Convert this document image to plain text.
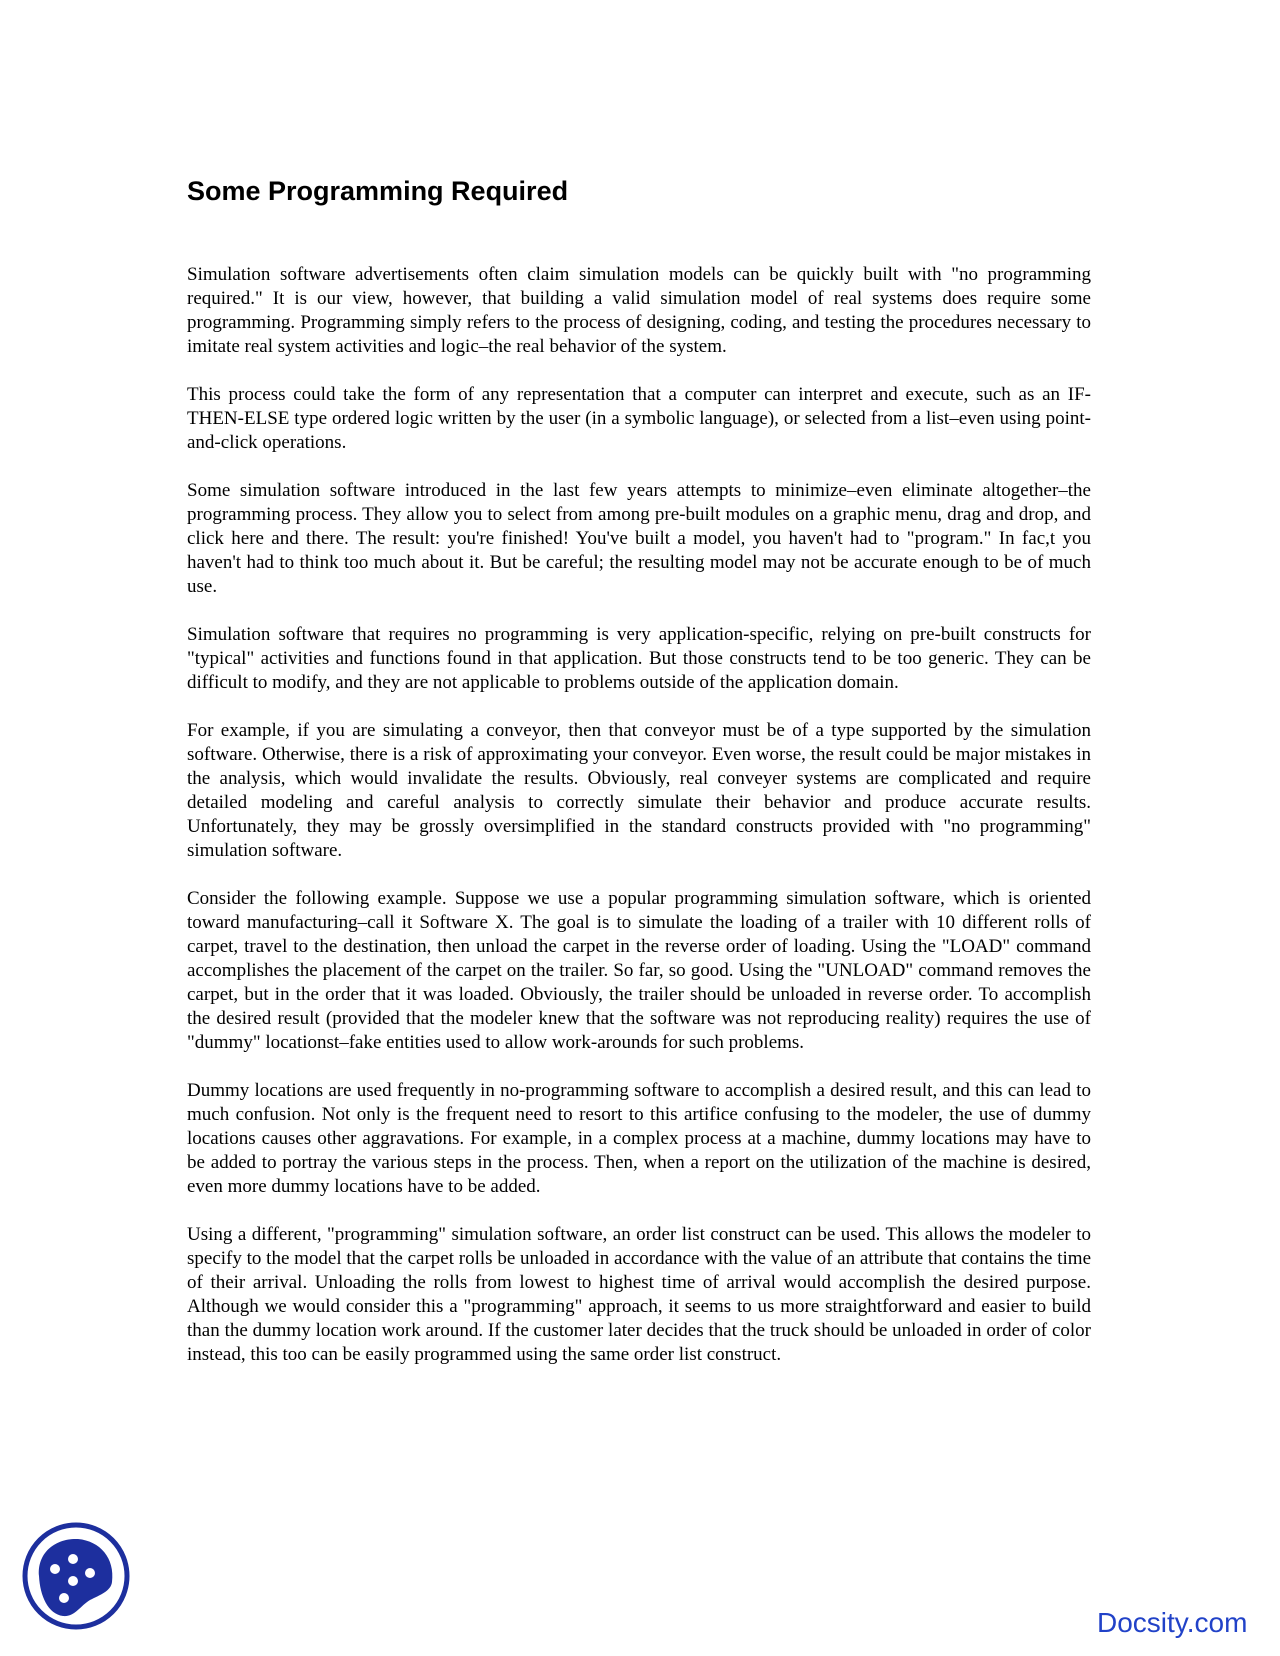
Some Programming Required

Simulation software advertisements often claim simulation models can be quickly built with "no programming required." It is our view, however, that building a valid simulation model of real systems does require some programming. Programming simply refers to the process of designing, coding, and testing the procedures necessary to imitate real system activities and logic–the real behavior of the system.

This process could take the form of any representation that a computer can interpret and execute, such as an IF-THEN-ELSE type ordered logic written by the user (in a symbolic language), or selected from a list–even using point-and-click operations.

Some simulation software introduced in the last few years attempts to minimize–even eliminate altogether–the programming process. They allow you to select from among pre-built modules on a graphic menu, drag and drop, and click here and there. The result: you're finished! You've built a model, you haven't had to "program." In fac,t you haven't had to think too much about it. But be careful; the resulting model may not be accurate enough to be of much use.

Simulation software that requires no programming is very application-specific, relying on pre-built constructs for "typical" activities and functions found in that application. But those constructs tend to be too generic. They can be difficult to modify, and they are not applicable to problems outside of the application domain.

For example, if you are simulating a conveyor, then that conveyor must be of a type supported by the simulation software. Otherwise, there is a risk of approximating your conveyor. Even worse, the result could be major mistakes in the analysis, which would invalidate the results. Obviously, real conveyer systems are complicated and require detailed modeling and careful analysis to correctly simulate their behavior and produce accurate results. Unfortunately, they may be grossly oversimplified in the standard constructs provided with "no programming" simulation software.

Consider the following example. Suppose we use a popular programming simulation software, which is oriented toward manufacturing–call it Software X. The goal is to simulate the loading of a trailer with 10 different rolls of carpet, travel to the destination, then unload the carpet in the reverse order of loading. Using the "LOAD" command accomplishes the placement of the carpet on the trailer. So far, so good. Using the "UNLOAD" command removes the carpet, but in the order that it was loaded. Obviously, the trailer should be unloaded in reverse order. To accomplish the desired result (provided that the modeler knew that the software was not reproducing reality) requires the use of "dummy" locationst–fake entities used to allow work-arounds for such problems.

Dummy locations are used frequently in no-programming software to accomplish a desired result, and this can lead to much confusion. Not only is the frequent need to resort to this artifice confusing to the modeler, the use of dummy locations causes other aggravations. For example, in a complex process at a machine, dummy locations may have to be added to portray the various steps in the process. Then, when a report on the utilization of the machine is desired, even more dummy locations have to be added.

Using a different, "programming" simulation software, an order list construct can be used. This allows the modeler to specify to the model that the carpet rolls be unloaded in accordance with the value of an attribute that contains the time of their arrival. Unloading the rolls from lowest to highest time of arrival would accomplish the desired purpose. Although we would consider this a "programming" approach, it seems to us more straightforward and easier to build than the dummy location work around. If the customer later decides that the truck should be unloaded in order of color instead, this too can be easily programmed using the same order list construct.

Docsity.com
